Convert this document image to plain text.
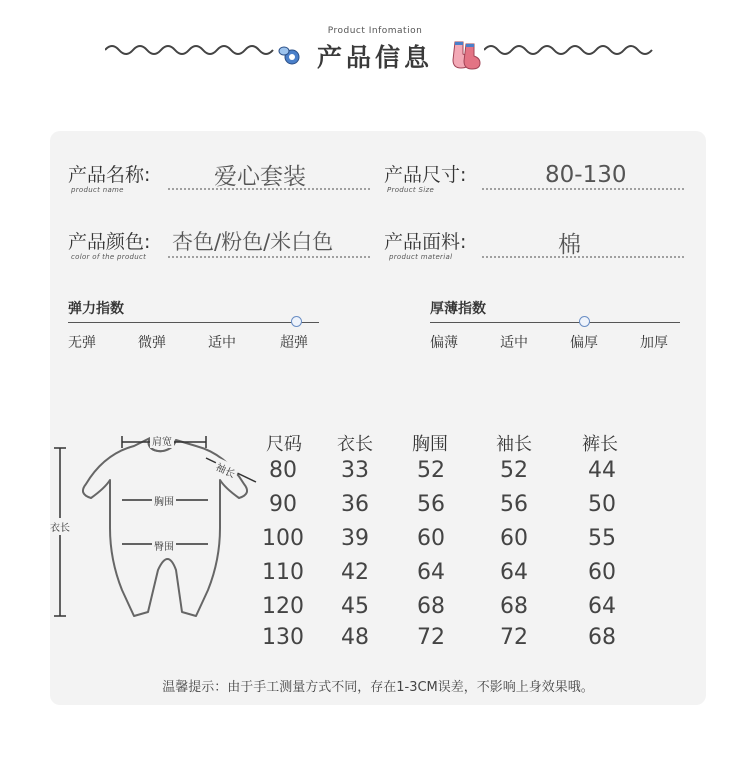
Product Infomation
产品信息
产品名称:
product name	爱心套装	产品尺寸:
Product Size
80-130
产品颜色:
color of the product
杏色/粉色/米白色	产品面料:
product material	棉
弹力指数
无弹	微弹	适中	超弹
厚薄指数
偏薄	适中	偏厚	加厚
肩宽
袖长
胸围
臀围
衣长
尺码 衣长 胸围	袖长	裤长
80 33 52	52	44
90 36 56	56	50
100 39 60	60	55
110 42 64	64	60
120 45 68	68	64
130 48 72	72	68
温馨提示：由于手工测量方式不同，存在1-3CM误差，不影响上身效果哦。
